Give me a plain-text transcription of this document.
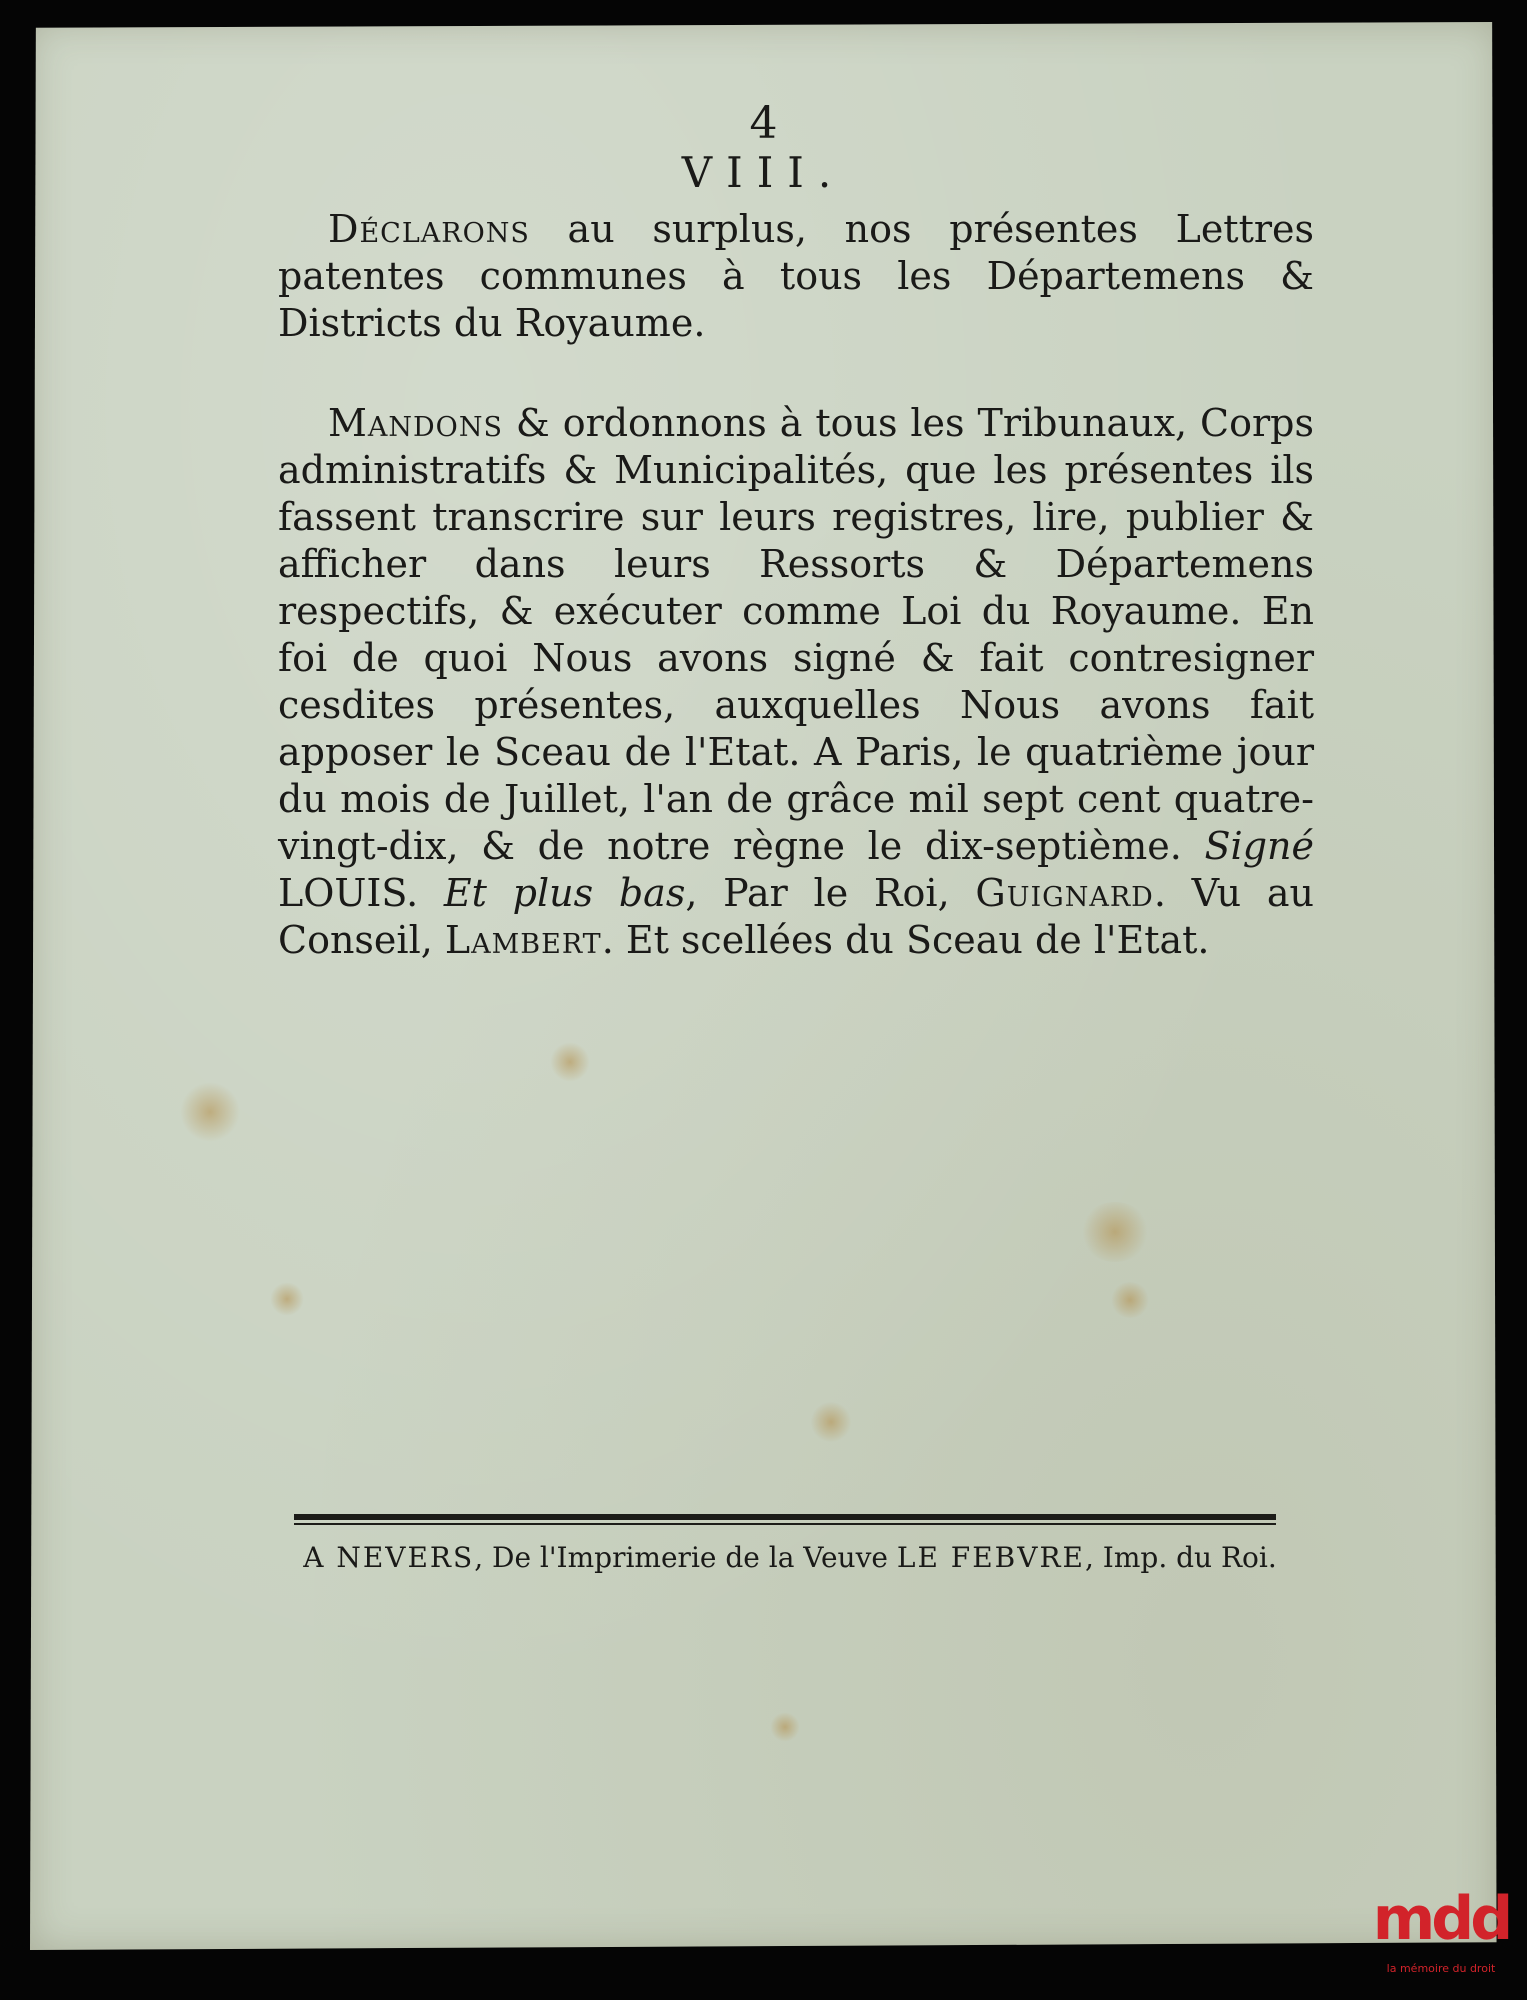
4
VIII.
Déclarons au surplus, nos présentes Lettres patentes communes à tous les Départemens & Districts du Royaume.
Mandons & ordonnons à tous les Tribunaux, Corps administratifs & Municipalités, que les présentes ils fassent transcrire sur leurs registres, lire, publier & afficher dans leurs Ressorts & Départemens respectifs, & exécuter comme Loi du Royaume. En foi de quoi Nous avons signé & fait contresigner cesdites présentes, auxquelles Nous avons fait apposer le Sceau de l'Etat. A Paris, le quatrième jour du mois de Juillet, l'an de grâce mil sept cent quatre-vingt-dix, & de notre règne le dix-septième. Signé LOUIS. Et plus bas, Par le Roi, Guignard. Vu au Conseil, Lambert. Et scellées du Sceau de l'Etat.
A NEVERS, De l'Imprimerie de la Veuve LE FEBVRE, Imp. du Roi.
mdd
la mémoire du droit
